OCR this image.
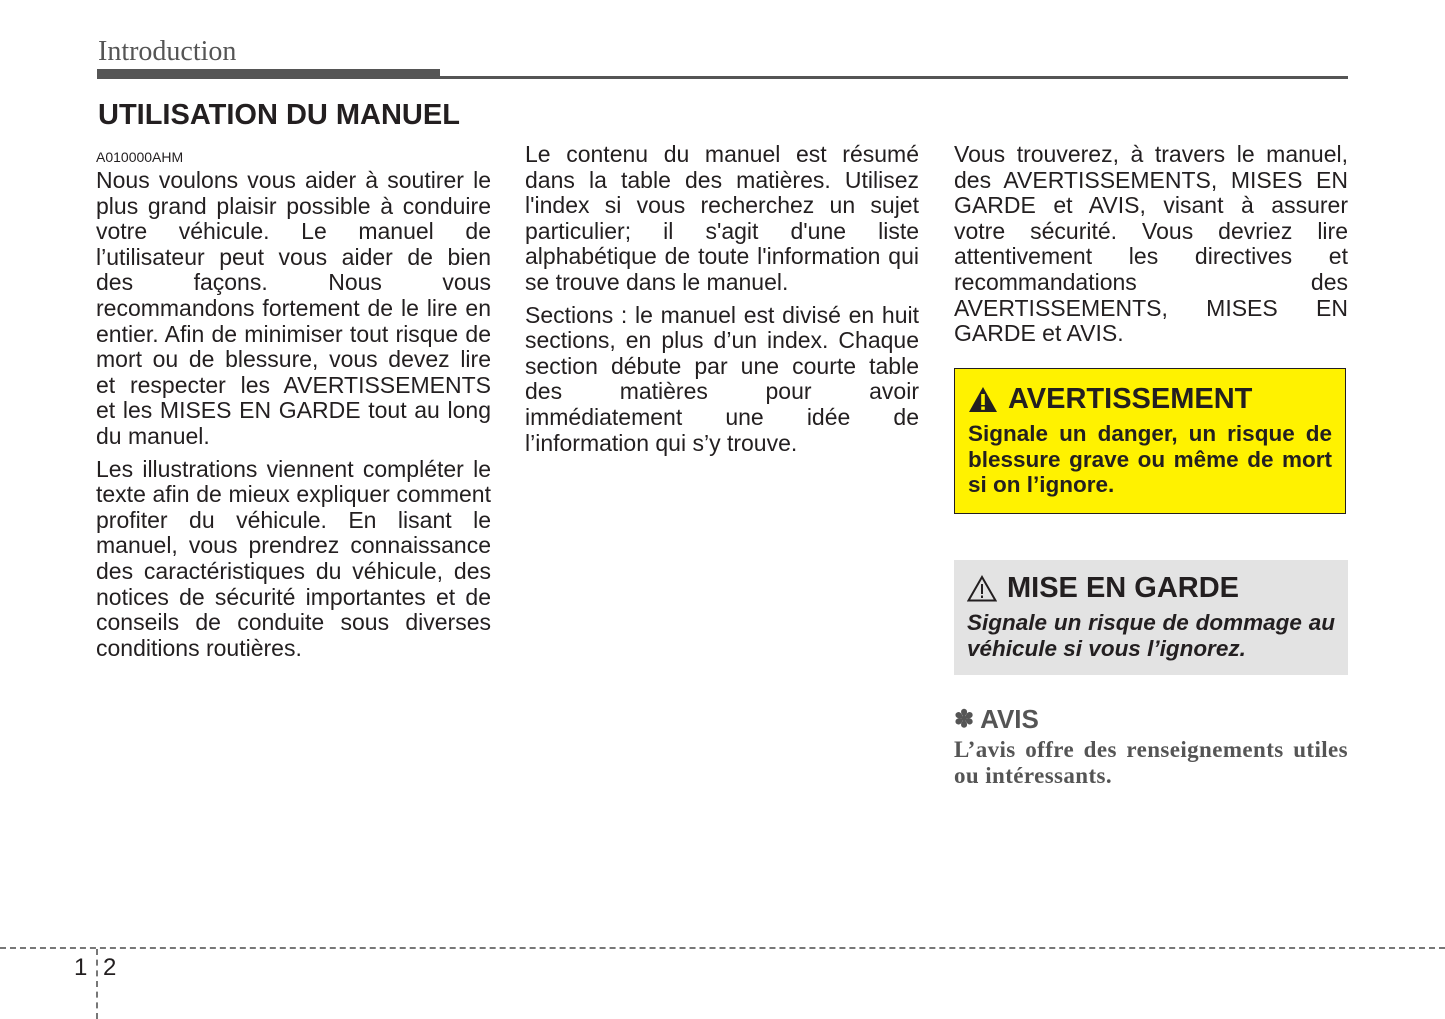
Introduction
UTILISATION DU MANUEL
A010000AHM

Nous voulons vous aider à soutirer le plus grand plaisir possible à conduire votre véhicule. Le manuel de l’utilisateur peut vous aider de bien des façons. Nous vous recommandons fortement de le lire en entier. Afin de minimiser tout risque de mort ou de blessure, vous devez lire et respecter les AVERTISSEMENTS et les MISES EN GARDE tout au long du manuel.

Les illustrations viennent compléter le texte afin de mieux expliquer comment profiter du véhicule. En lisant le manuel, vous prendrez connaissance des caractéristiques du véhicule, des notices de sécurité importantes et de conseils de conduite sous diverses conditions routières.

Le contenu du manuel est résumé dans la table des matières. Utilisez l'index si vous recherchez un sujet particulier; il s'agit d'une liste alphabétique de toute l'information qui se trouve dans le manuel.

Sections : le manuel est divisé en huit sections, en plus d’un index. Chaque section débute par une courte table des matières pour avoir immédiatement une idée de l’information qui s’y trouve.

Vous trouverez, à travers le manuel, des AVERTISSEMENTS, MISES EN GARDE et AVIS, visant à assurer votre sécurité. Vous devriez lire attentivement les directives et recommandations des AVERTISSEMENTS, MISES EN GARDE et AVIS.

AVERTISSEMENT
Signale un danger, un risque de blessure grave ou même de mort si on l’ignore.
MISE EN GARDE
Signale un risque de dommage au véhicule si vous l’ignorez.
✽ AVIS
L’avis offre des renseignements utiles ou intéressants.
1 2
